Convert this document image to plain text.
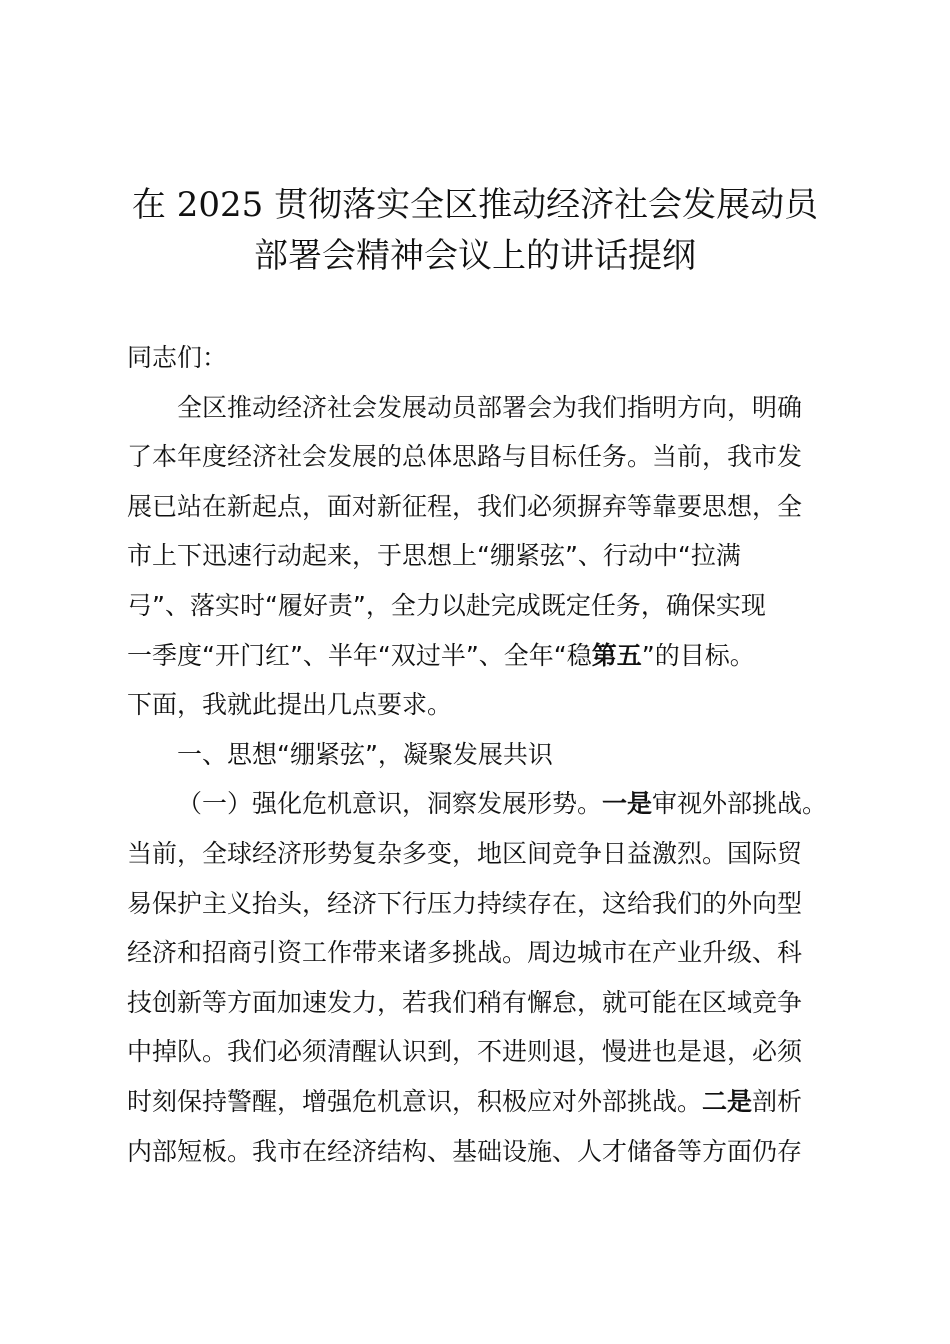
在 2025 贯彻落实全区推动经济社会发展动员
部署会精神会议上的讲话提纲
同志们：
全区推动经济社会发展动员部署会为我们指明方向，明确
了本年度经济社会发展的总体思路与目标任务。当前，我市发
展已站在新起点，面对新征程，我们必须摒弃等靠要思想，全
市上下迅速行动起来，于思想上“绷紧弦”、行动中“拉满
弓”、落实时“履好责”，全力以赴完成既定任务，确保实现
一季度“开门红”、半年“双过半”、全年“稳第五”的目标。
下面，我就此提出几点要求。
一、思想“绷紧弦”，凝聚发展共识
（一）强化危机意识，洞察发展形势。一是审视外部挑战。
当前，全球经济形势复杂多变，地区间竞争日益激烈。国际贸
易保护主义抬头，经济下行压力持续存在，这给我们的外向型
经济和招商引资工作带来诸多挑战。周边城市在产业升级、科
技创新等方面加速发力，若我们稍有懈怠，就可能在区域竞争
中掉队。我们必须清醒认识到，不进则退，慢进也是退，必须
时刻保持警醒，增强危机意识，积极应对外部挑战。二是剖析
内部短板。我市在经济结构、基础设施、人才储备等方面仍存
